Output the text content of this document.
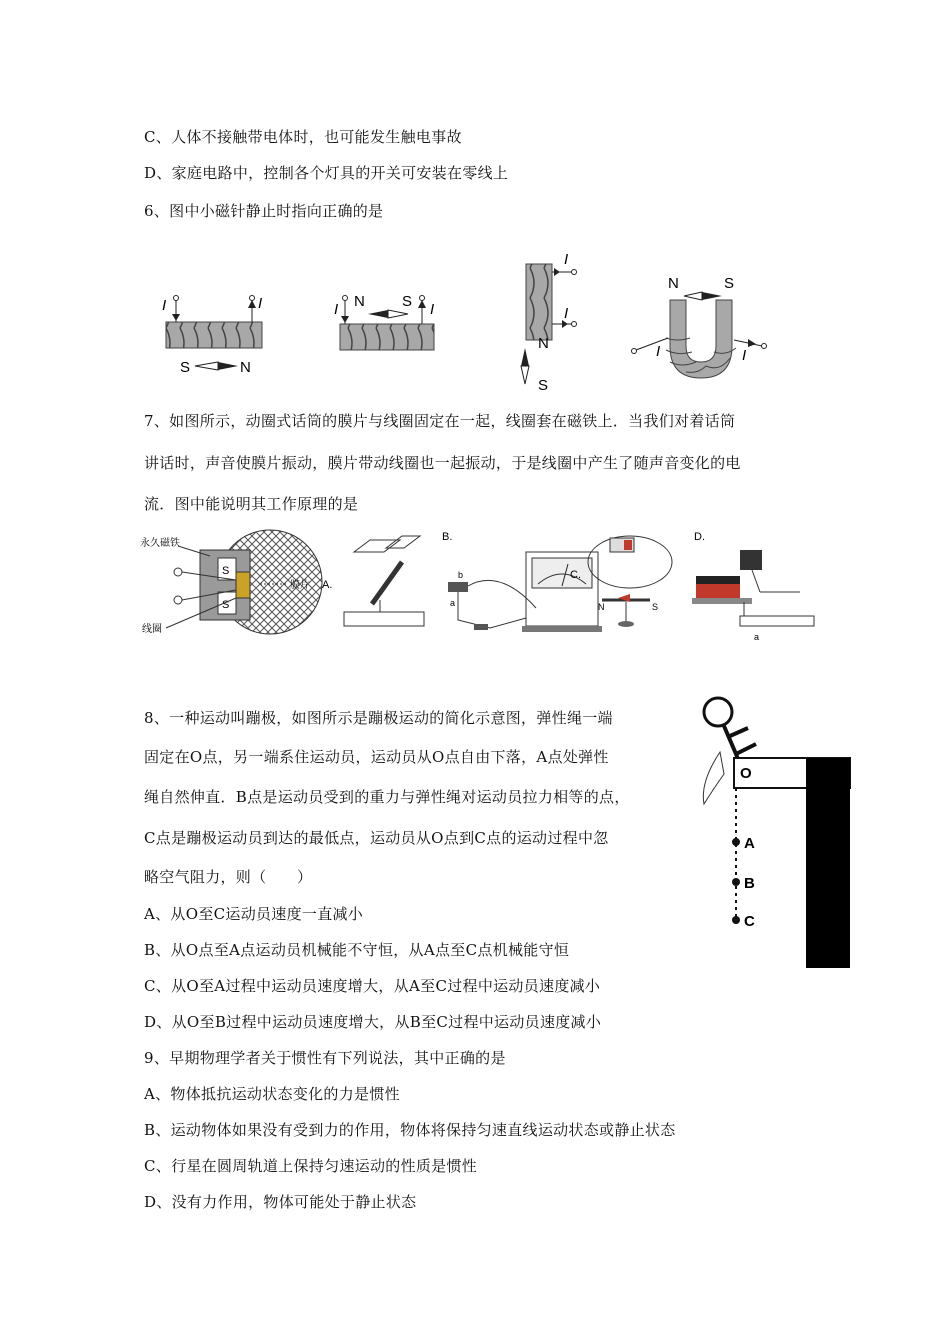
C、人体不接触带电体时，也可能发生触电事故
D、家庭电路中，控制各个灯具的开关可安装在零线上
6、图中小磁针静止时指向正确的是
I	I
S	N
I	I
N S
I
I
N
S
I	I
N	S
7、如图所示，动圈式话筒的膜片与线圈固定在一起，线圈套在磁铁上．当我们对着话筒
讲话时，声音使膜片振动，膜片带动线圈也一起振动，于是线圈中产生了随声音变化的电
流．图中能说明其工作原理的是
S
S
永久磁铁
线圈
膜片 A.
B.
b
a
C.
N	S
D.
a
8、一种运动叫蹦极，如图所示是蹦极运动的简化示意图，弹性绳一端
固定在O点，另一端系住运动员，运动员从O点自由下落，A点处弹性
绳自然伸直．B点是运动员受到的重力与弹性绳对运动员拉力相等的点，
C点是蹦极运动员到达的最低点，运动员从O点到C点的运动过程中忽
略空气阻力，则（　　）
A、从O至C运动员速度一直减小
B、从O点至A点运动员机械能不守恒，从A点至C点机械能守恒
C、从O至A过程中运动员速度增大，从A至C过程中运动员速度减小
D、从O至B过程中运动员速度增大，从B至C过程中运动员速度减小
O
A
B
C
9、早期物理学者关于惯性有下列说法，其中正确的是
A、物体抵抗运动状态变化的力是惯性
B、运动物体如果没有受到力的作用，物体将保持匀速直线运动状态或静止状态
C、行星在圆周轨道上保持匀速运动的性质是惯性
D、没有力作用，物体可能处于静止状态
